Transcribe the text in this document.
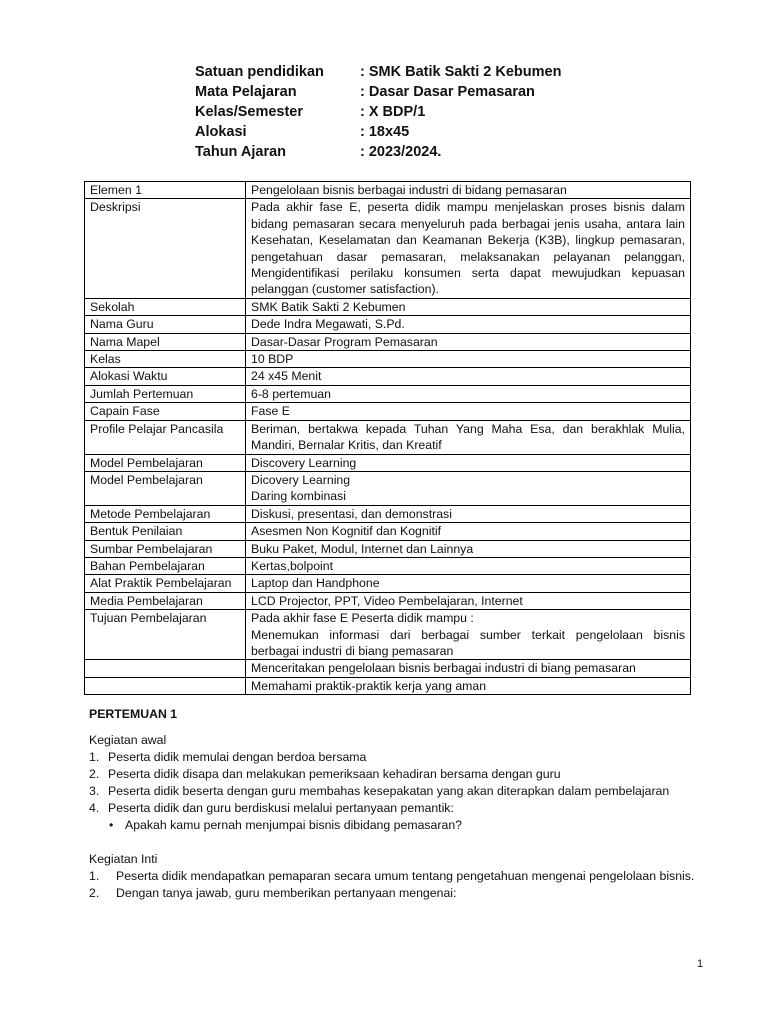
Satuan pendidikan	: SMK Batik Sakti 2 Kebumen
Mata Pelajaran	: Dasar Dasar Pemasaran
Kelas/Semester	: X BDP/1
Alokasi	: 18x45
Tahun Ajaran	: 2023/2024.
Elemen 1	Pengelolaan bisnis berbagai industri di bidang pemasaran
Deskripsi	Pada akhir fase E, peserta didik mampu menjelaskan proses bisnis dalam bidang pemasaran secara menyeluruh pada berbagai jenis usaha, antara lain Kesehatan, Keselamatan dan Keamanan Bekerja (K3B), lingkup pemasaran, pengetahuan dasar pemasaran, melaksanakan pelayanan pelanggan, Mengidentifikasi perilaku konsumen serta dapat mewujudkan kepuasan pelanggan (customer satisfaction).
Sekolah	SMK Batik Sakti 2 Kebumen
Nama Guru	Dede Indra Megawati, S.Pd.
Nama Mapel	Dasar-Dasar Program Pemasaran
Kelas	10 BDP
Alokasi Waktu	24 x45 Menit
Jumlah Pertemuan	6-8 pertemuan
Capain Fase	Fase E
Profile Pelajar Pancasila	Beriman, bertakwa kepada Tuhan Yang Maha Esa, dan berakhlak Mulia, Mandiri, Bernalar Kritis, dan Kreatif
Model Pembelajaran	Discovery Learning
Model Pembelajaran	Dicovery Learning
Daring kombinasi

Metode Pembelajaran	Diskusi, presentasi, dan demonstrasi
Bentuk Penilaian	Asesmen Non Kognitif dan Kognitif
Sumbar Pembelajaran	Buku Paket, Modul, Internet dan Lainnya
Bahan Pembelajaran	Kertas,bolpoint
Alat Praktik Pembelajaran	Laptop dan Handphone
Media Pembelajaran	LCD Projector, PPT, Video Pembelajaran, Internet
Tujuan Pembelajaran	Pada akhir fase E Peserta didik mampu :
Menemukan informasi dari berbagai sumber terkait pengelolaan bisnis berbagai industri di biang pemasaran

	Menceritakan pengelolaan bisnis berbagai industri di biang pemasaran
	Memahami praktik-praktik kerja yang aman
PERTEMUAN 1
Kegiatan awal
1. Peserta didik memulai dengan berdoa bersama
2. Peserta didik disapa dan melakukan pemeriksaan kehadiran bersama dengan guru
3. Peserta didik beserta dengan guru membahas kesepakatan yang akan diterapkan dalam pembelajaran
4. Peserta didik dan guru berdiskusi melalui pertanyaan pemantik:
• Apakah kamu pernah menjumpai bisnis dibidang pemasaran?
Kegiatan Inti
1. Peserta didik mendapatkan pemaparan secara umum tentang pengetahuan mengenai pengelolaan bisnis.
2. Dengan tanya jawab, guru memberikan pertanyaan mengenai:
1
